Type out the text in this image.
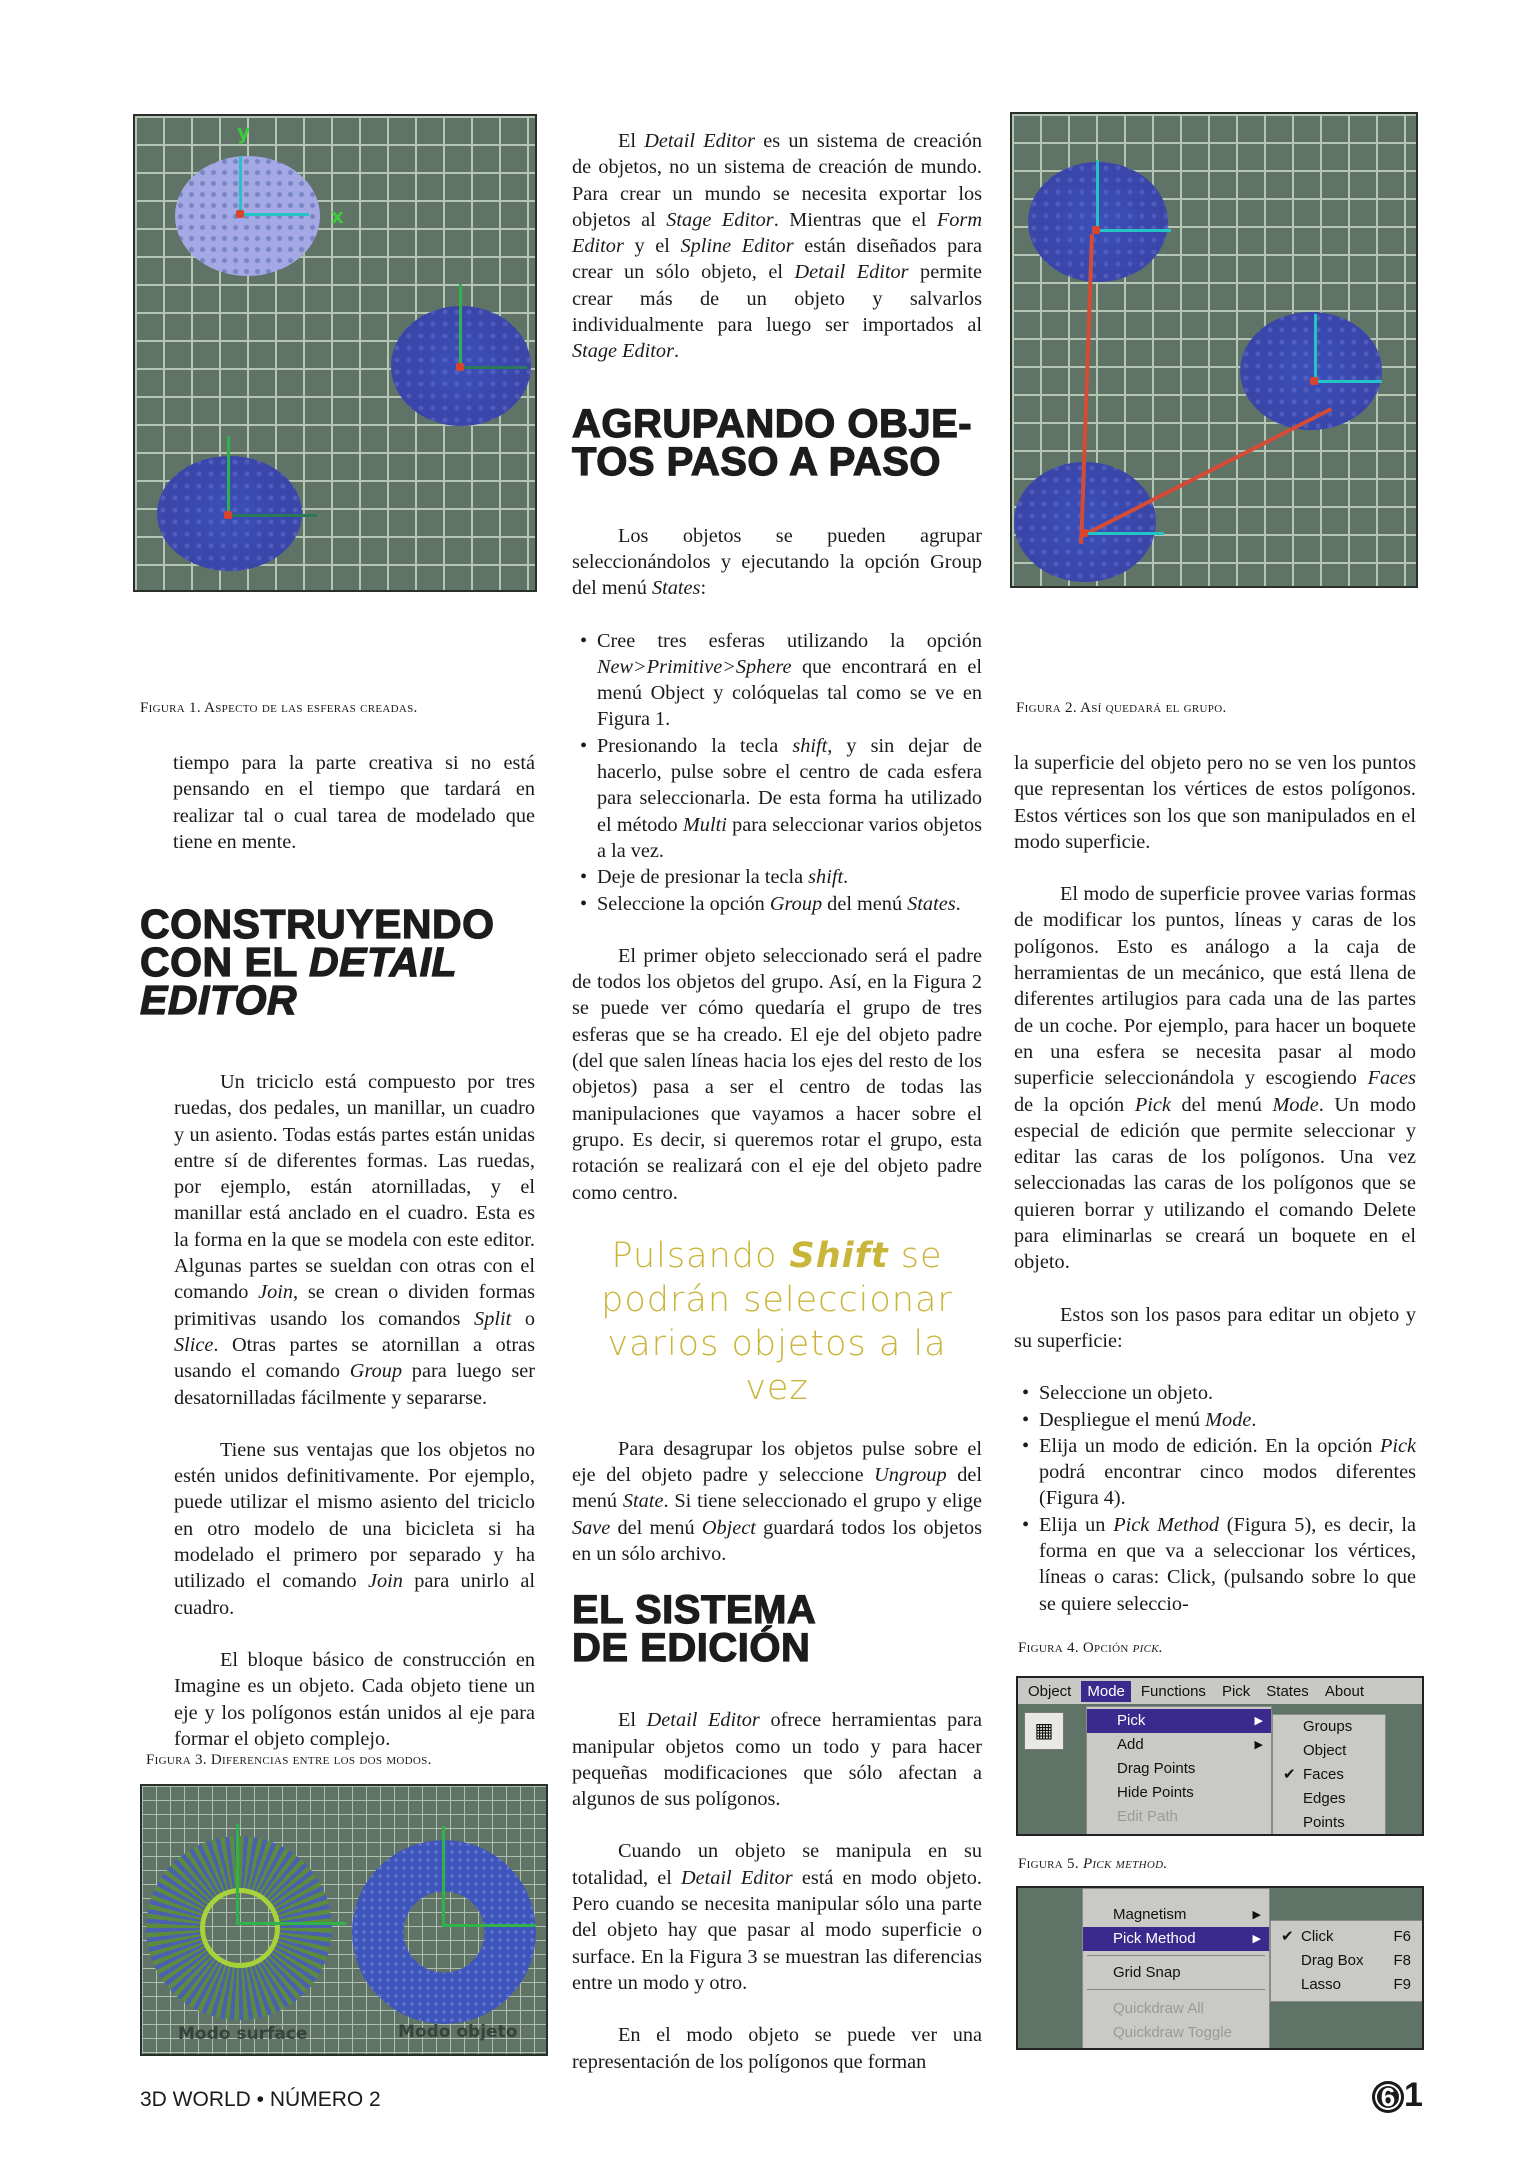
y
x

Figura 1. Aspecto de las esferas creadas.

tiempo para la parte creativa si no está pensando en el tiempo que tardará en realizar tal o cual tarea de modelado que tiene en mente.

CONSTRUYENDO
CON EL DETAIL
EDITOR

Un triciclo está compuesto por tres ruedas, dos pedales, un manillar, un cuadro y un asiento. Todas estás partes están unidas entre sí de diferentes formas. Las ruedas, por ejemplo, están atornilladas, y el manillar está anclado en el cuadro. Esta es la forma en la que se modela con este editor. Algunas partes se sueldan con otras con el comando Join, se crean o dividen formas primitivas usando los comandos Split o Slice. Otras partes se atornillan a otras usando el comando Group para luego ser desatornilladas fácilmente y separarse.

Tiene sus ventajas que los objetos no estén unidos definitivamente. Por ejemplo, puede utilizar el mismo asiento del triciclo en otro modelo de una bicicleta si ha modelado el primero por separado y ha utilizado el comando Join para unirlo al cuadro.

El bloque básico de construcción en Imagine es un objeto. Cada objeto tiene un eje y los polígonos están unidos al eje para formar el objeto complejo.

Figura 3. Diferencias entre los dos modos.

Modo surface	Modo objeto
3D WORLD • NÚMERO 2

El Detail Editor es un sistema de creación de objetos, no un sistema de creación de mundo. Para crear un mundo se necesita exportar los objetos al Stage Editor. Mientras que el Form Editor y el Spline Editor están diseñados para crear un sólo objeto, el Detail Editor permite crear más de un objeto y salvarlos individualmente para luego ser importados al Stage Editor.

AGRUPANDO OBJE-
TOS PASO A PASO

Los objetos se pueden agrupar seleccionándolos y ejecutando la opción Group del menú States:

• Cree tres esferas utilizando la opción New>Primitive>Sphere que encontrará en el menú Object y colóquelas tal como se ve en Figura 1.
• Presionando la tecla shift, y sin dejar de hacerlo, pulse sobre el centro de cada esfera para seleccionarla. De esta forma ha utilizado el método Multi para seleccionar varios objetos a la vez.
• Deje de presionar la tecla shift.
• Seleccione la opción Group del menú States.

El primer objeto seleccionado será el padre de todos los objetos del grupo. Así, en la Figura 2 se puede ver cómo quedaría el grupo de tres esferas que se ha creado. El eje del objeto padre (del que salen líneas hacia los ejes del resto de los objetos) pasa a ser el centro de todas las manipulaciones que vayamos a hacer sobre el grupo. Es decir, si queremos rotar el grupo, esta rotación se realizará con el eje del objeto padre como centro.

Pulsando Shift se podrán seleccionar varios objetos a la vez

Para desagrupar los objetos pulse sobre el eje del objeto padre y seleccione Ungroup del menú State. Si tiene seleccionado el grupo y elige Save del menú Object guardará todos los objetos en un sólo archivo.

EL SISTEMA
DE EDICIÓN

El Detail Editor ofrece herramientas para manipular objetos como un todo y para hacer pequeñas modificaciones que sólo afectan a algunos de sus polígonos.

Cuando un objeto se manipula en su totalidad, el Detail Editor está en modo objeto. Pero cuando se necesita manipular sólo una parte del objeto hay que pasar al modo superficie o surface. En la Figura 3 se muestran las diferencias entre un modo y otro.

En el modo objeto se puede ver una representación de los polígonos que forman

Figura 2. Así quedará el grupo.

la superficie del objeto pero no se ven los puntos que representan los vértices de estos polígonos. Estos vértices son los que son manipulados en el modo superficie.

El modo de superficie provee varias formas de modificar los puntos, líneas y caras de los polígonos. Esto es análogo a la caja de herramientas de un mecánico, que está llena de diferentes artilugios para cada una de las partes de un coche. Por ejemplo, para hacer un boquete en una esfera se necesita pasar al modo superficie seleccionándola y escogiendo Faces de la opción Pick del menú Mode. Un modo especial de edición que permite seleccionar y editar las caras de los polígonos. Una vez seleccionadas las caras de los polígonos que se quieren borrar y utilizando el comando Delete para eliminarlas se creará un boquete en el objeto.

Estos son los pasos para editar un objeto y su superficie:

• Seleccione un objeto.
• Despliegue el menú Mode.
• Elija un modo de edición. En la opción Pick podrá encontrar cinco modos diferentes (Figura 4).
• Elija un Pick Method (Figura 5), es decir, la forma en que va a seleccionar los vértices, líneas o caras: Click, (pulsando sobre lo que se quiere seleccio-

Figura 4. Opción pick.

Object	Mode	Functions	Pick	States	About
▦	Pick	▶
Add	▶
Drag Points
Hide Points
Edit Path
Groups
Object
✔ Faces
Edges
Points

Figura 5. Pick method.

Magnetism	▶
Pick Method	▶
Grid Snap
Quickdraw All
Quickdraw Toggle
✔ Click	F6
Drag Box F8
Lasso	F9
6 1
